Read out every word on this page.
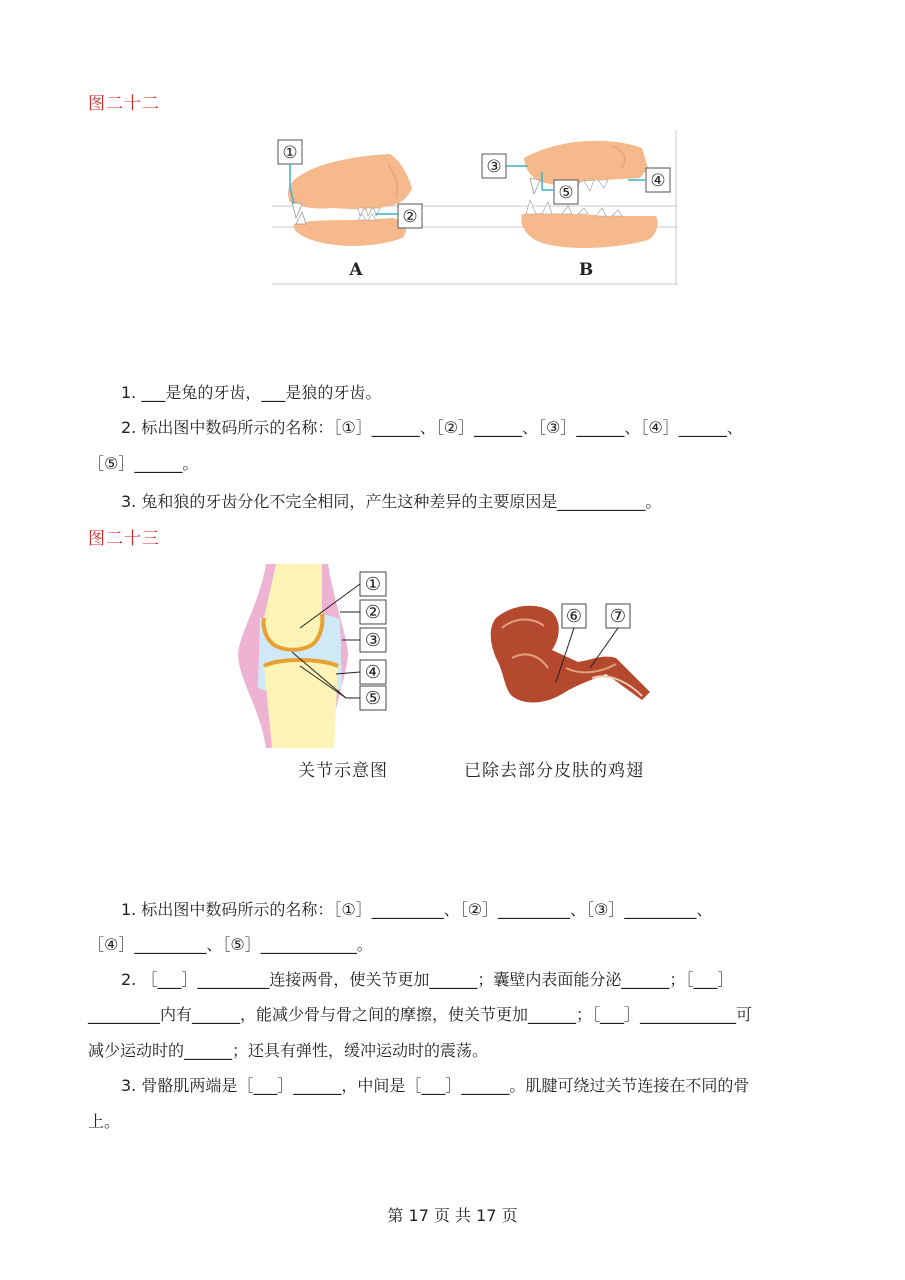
图二十二
①
②
③
⑤
④
A	B
1. ___是兔的牙齿，___是狼的牙齿。
2. 标出图中数码所示的名称：［①］______、［②］______、［③］______、［④］______、
［⑤］______。
3. 兔和狼的牙齿分化不完全相同，产生这种差异的主要原因是___________。
图二十三
①
②
③
④
⑤
⑥ ⑦
关节示意图	已除去部分皮肤的鸡翅
1. 标出图中数码所示的名称：［①］_________、［②］_________、［③］_________、
［④］_________、［⑤］____________。
2. ［___］_________连接两骨，使关节更加______；囊壁内表面能分泌______；［___］
_________内有______，能减少骨与骨之间的摩擦，使关节更加______；［___］____________可
减少运动时的______；还具有弹性，缓冲运动时的震荡。
3. 骨骼肌两端是［___］______，中间是［___］______。肌腱可绕过关节连接在不同的骨
上。
第 17 页 共 17 页
